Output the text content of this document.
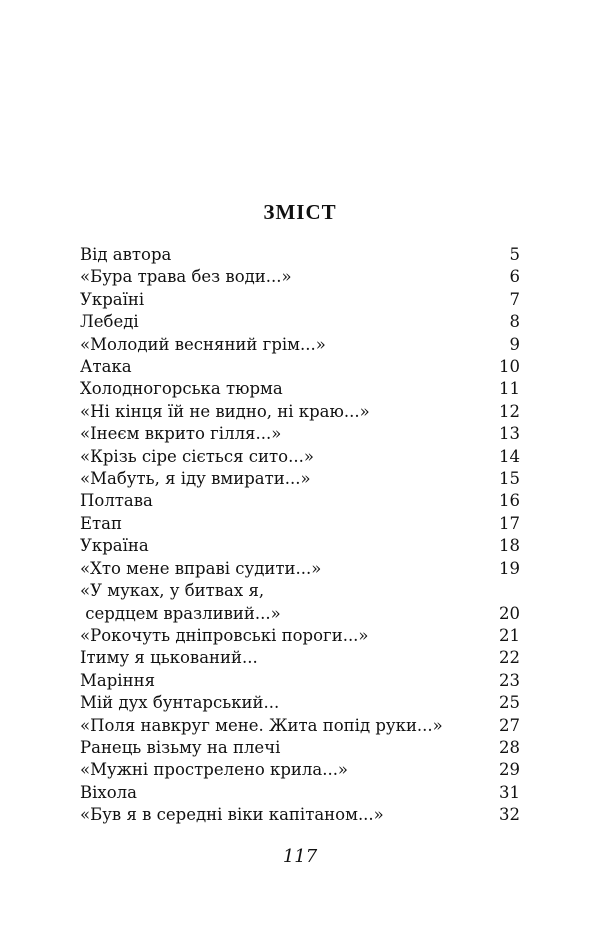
ЗМІСТ
Від автора	5
«Бура трава без води...»	6
Україні	7
Лебеді	8
«Молодий весняний грім...»	9
Атака	10
Холодногорська тюрма	11
«Ні кінця їй не видно, ні краю...»	12
«Інеєм вкрито гілля...»	13
«Крізь сіре сіється сито...»	14
«Мабуть, я іду вмирати...»	15
Полтава	16
Етап	17
Україна	18
«Хто мене вправі судити...»	19
«У муках, у битвах я,
сердцем вразливий...»	20
«Рокочуть дніпровські пороги...»	21
Ітиму я цькований...	22
Маріння	23
Мій дух бунтарський...	25
«Поля навкруг мене. Жита попід руки...»	27
Ранець візьму на плечі	28
«Мужні прострелено крила...»	29
Віхола	31
«Був я в середні віки капітаном...»	32

117
